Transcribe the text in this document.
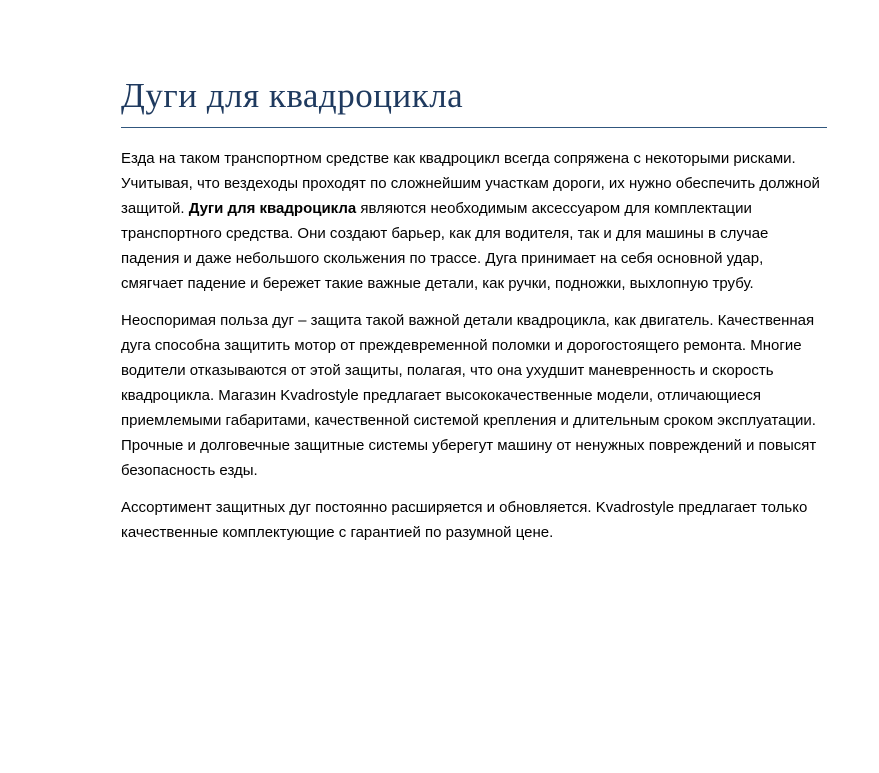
Дуги для квадроцикла

Езда на таком транспортном средстве как квадроцикл всегда сопряжена с некоторыми рисками. Учитывая, что вездеходы проходят по сложнейшим участкам дороги, их нужно обеспечить должной защитой. Дуги для квадроцикла являются необходимым аксессуаром для комплектации транспортного средства. Они создают барьер, как для водителя, так и для машины в случае падения и даже небольшого скольжения по трассе. Дуга принимает на себя основной удар, смягчает падение и бережет такие важные детали, как ручки, подножки, выхлопную трубу.

Неоспоримая польза дуг – защита такой важной детали квадроцикла, как двигатель. Качественная дуга способна защитить мотор от преждевременной поломки и дорогостоящего ремонта. Многие водители отказываются от этой защиты, полагая, что она ухудшит маневренность и скорость квадроцикла. Магазин Kvadrostyle предлагает высококачественные модели, отличающиеся приемлемыми габаритами, качественной системой крепления и длительным сроком эксплуатации. Прочные и долговечные защитные системы уберегут машину от ненужных повреждений и повысят безопасность езды.

Ассортимент защитных дуг постоянно расширяется и обновляется. Kvadrostyle предлагает только качественные комплектующие с гарантией по разумной цене.
